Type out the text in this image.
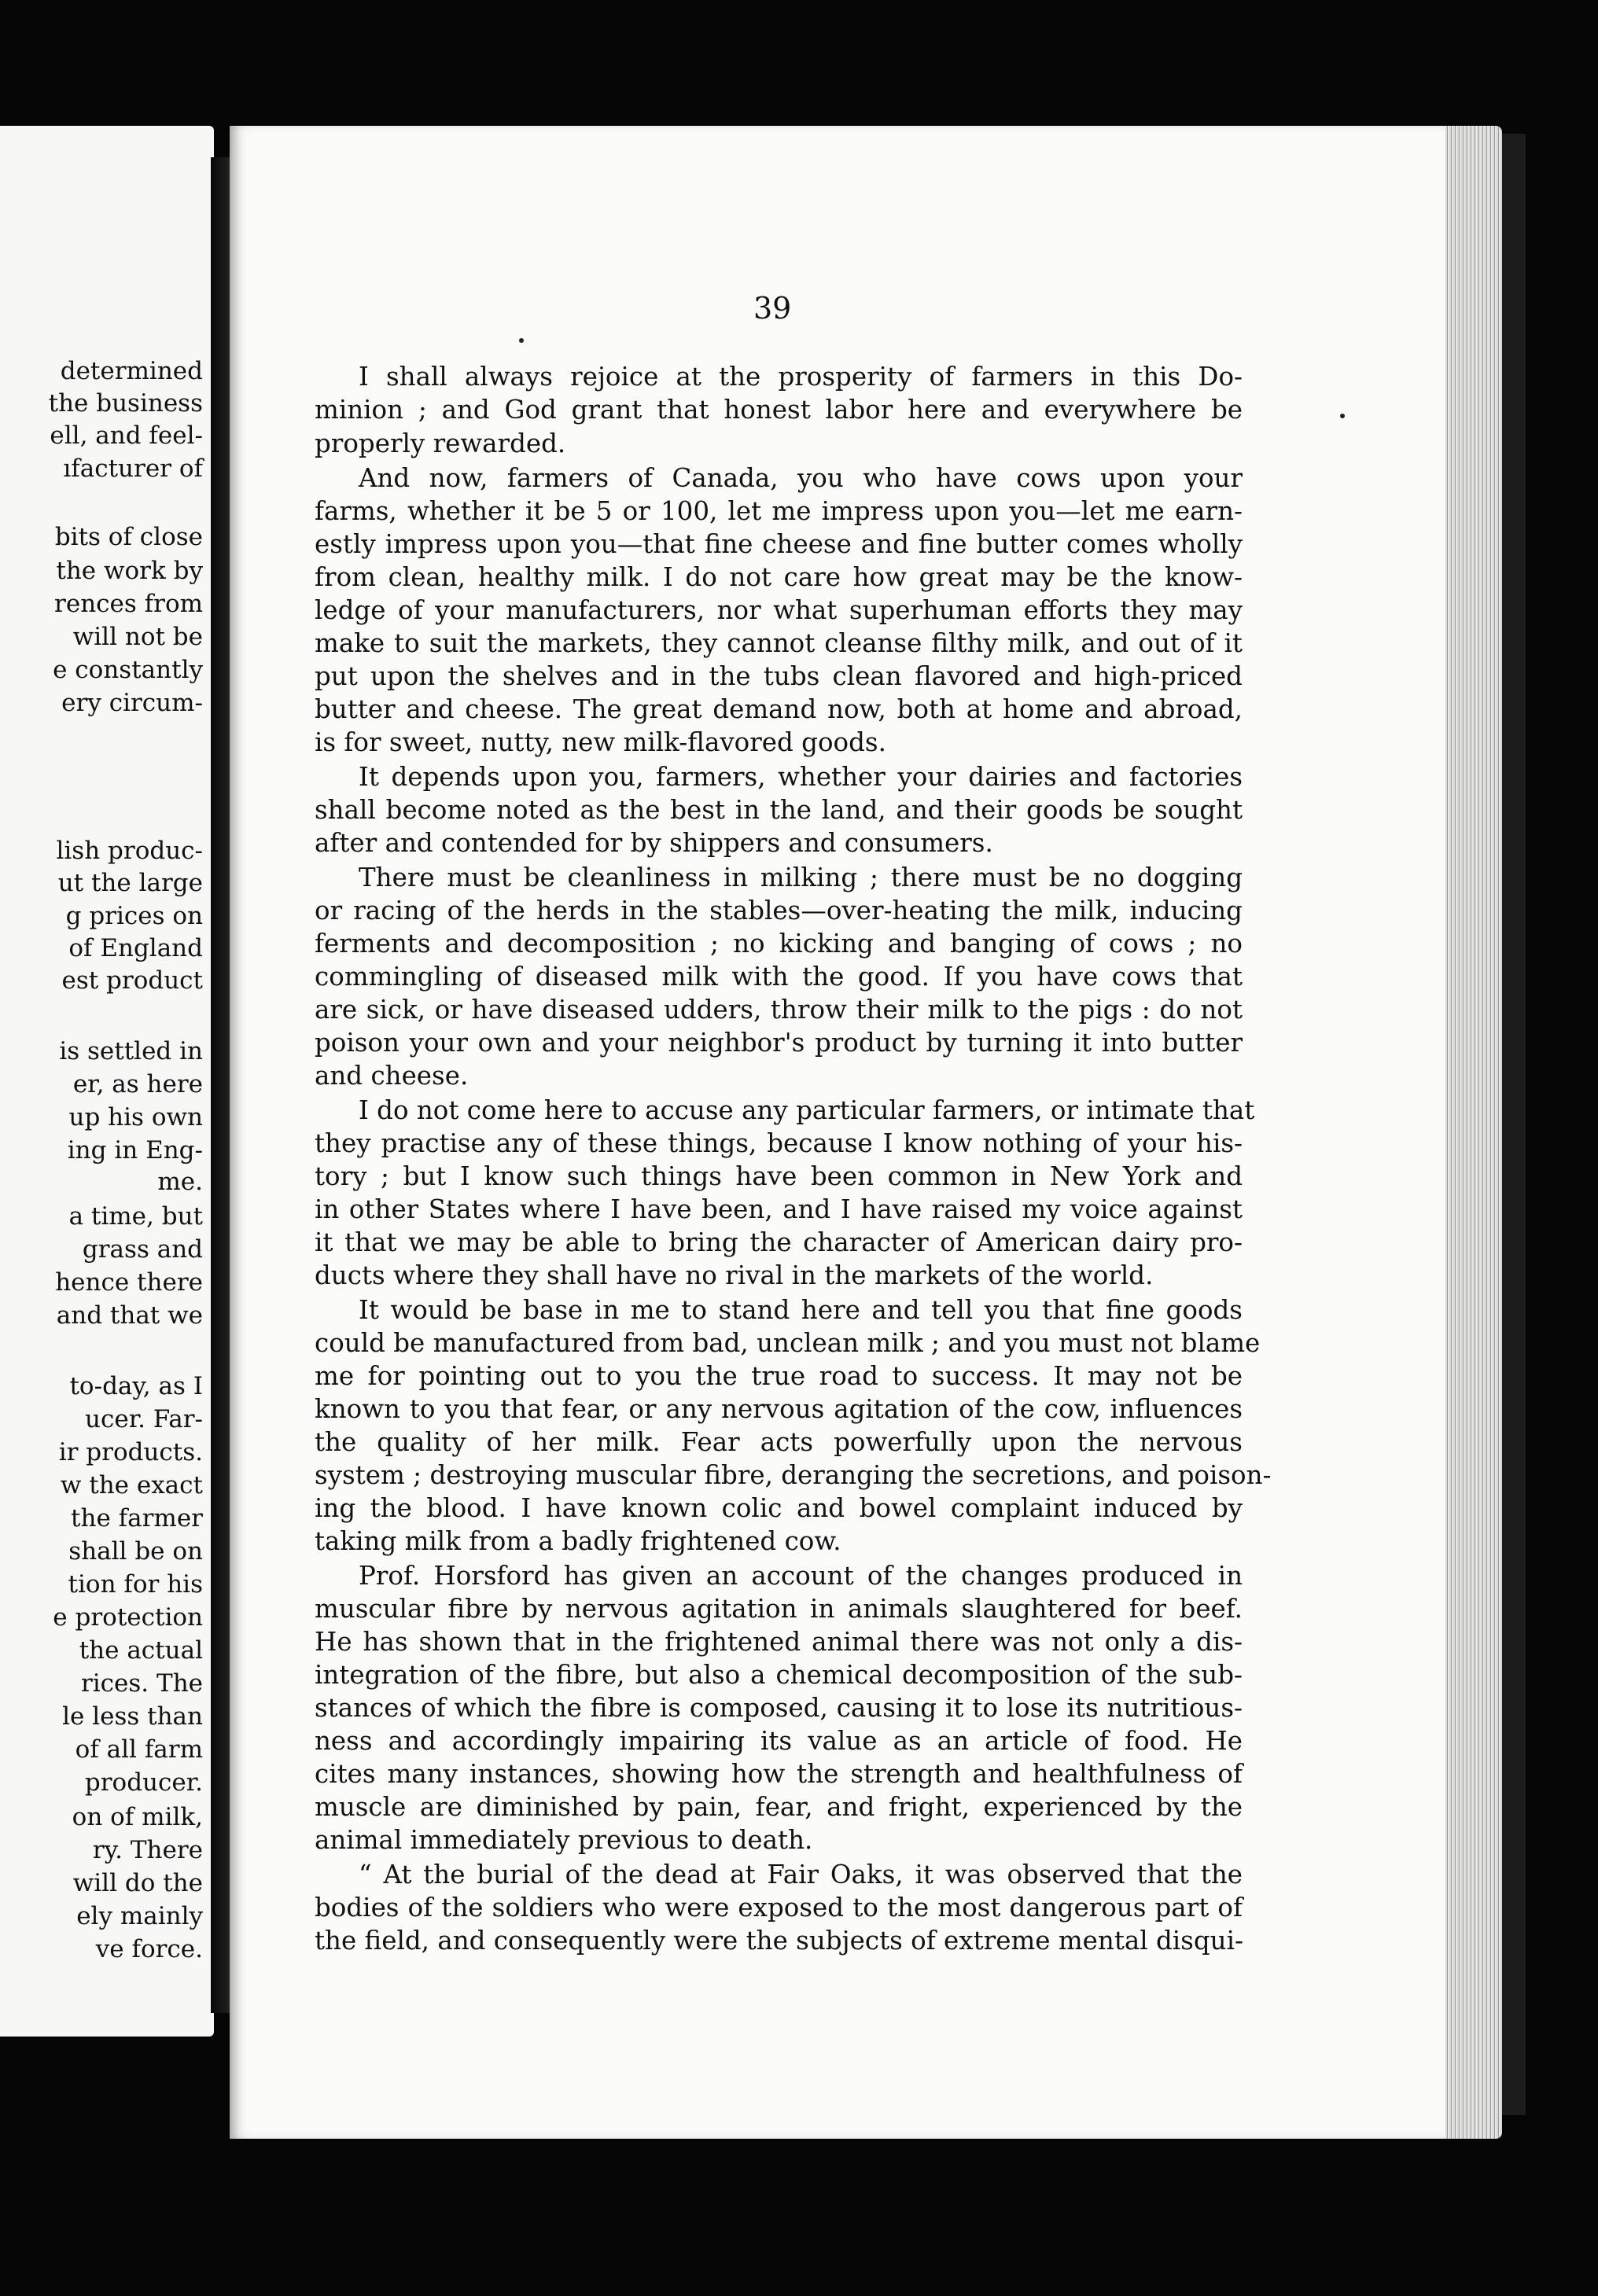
determined

the business

ell, and feel-

ıfacturer of

bits of close

the work by

rences from

will not be

e constantly

ery circum-

lish produc-

ut the large

g prices on

of England

est product

is settled in

er, as here

up his own

ing in Eng-

me.

a time, but

grass and

hence there

and that we

to-day, as I

ucer. Far-

ir products.

w the exact

the farmer

shall be on

tion for his

e protection

the actual

rices. The

le less than

of all farm

producer.

on of milk,

ry. There

will do the

ely mainly

ve force.

39
I shall always rejoice at the prosperity of farmers in this Do-
minion ; and God grant that honest labor here and everywhere be
properly rewarded.
And now, farmers of Canada, you who have cows upon your
farms, whether it be 5 or 100, let me impress upon you—let me earn-
estly impress upon you—that fine cheese and fine butter comes wholly
from clean, healthy milk. I do not care how great may be the know-
ledge of your manufacturers, nor what superhuman efforts they may
make to suit the markets, they cannot cleanse filthy milk, and out of it
put upon the shelves and in the tubs clean flavored and high-priced
butter and cheese. The great demand now, both at home and abroad,
is for sweet, nutty, new milk-flavored goods.
It depends upon you, farmers, whether your dairies and factories
shall become noted as the best in the land, and their goods be sought
after and contended for by shippers and consumers.
There must be cleanliness in milking ; there must be no dogging
or racing of the herds in the stables—over-heating the milk, inducing
ferments and decomposition ; no kicking and banging of cows ; no
commingling of diseased milk with the good. If you have cows that
are sick, or have diseased udders, throw their milk to the pigs : do not
poison your own and your neighbor's product by turning it into butter
and cheese.
I do not come here to accuse any particular farmers, or intimate that
they practise any of these things, because I know nothing of your his-
tory ; but I know such things have been common in New York and
in other States where I have been, and I have raised my voice against
it that we may be able to bring the character of American dairy pro-
ducts where they shall have no rival in the markets of the world.
It would be base in me to stand here and tell you that fine goods
could be manufactured from bad, unclean milk ; and you must not blame
me for pointing out to you the true road to success. It may not be
known to you that fear, or any nervous agitation of the cow, influences
the quality of her milk. Fear acts powerfully upon the nervous
system ; destroying muscular fibre, deranging the secretions, and poison-
ing the blood. I have known colic and bowel complaint induced by
taking milk from a badly frightened cow.
Prof. Horsford has given an account of the changes produced in
muscular fibre by nervous agitation in animals slaughtered for beef.
He has shown that in the frightened animal there was not only a dis-
integration of the fibre, but also a chemical decomposition of the sub-
stances of which the fibre is composed, causing it to lose its nutritious-
ness and accordingly impairing its value as an article of food. He
cites many instances, showing how the strength and healthfulness of
muscle are diminished by pain, fear, and fright, experienced by the
animal immediately previous to death.
“ At the burial of the dead at Fair Oaks, it was observed that the
bodies of the soldiers who were exposed to the most dangerous part of
the field, and consequently were the subjects of extreme mental disqui-
